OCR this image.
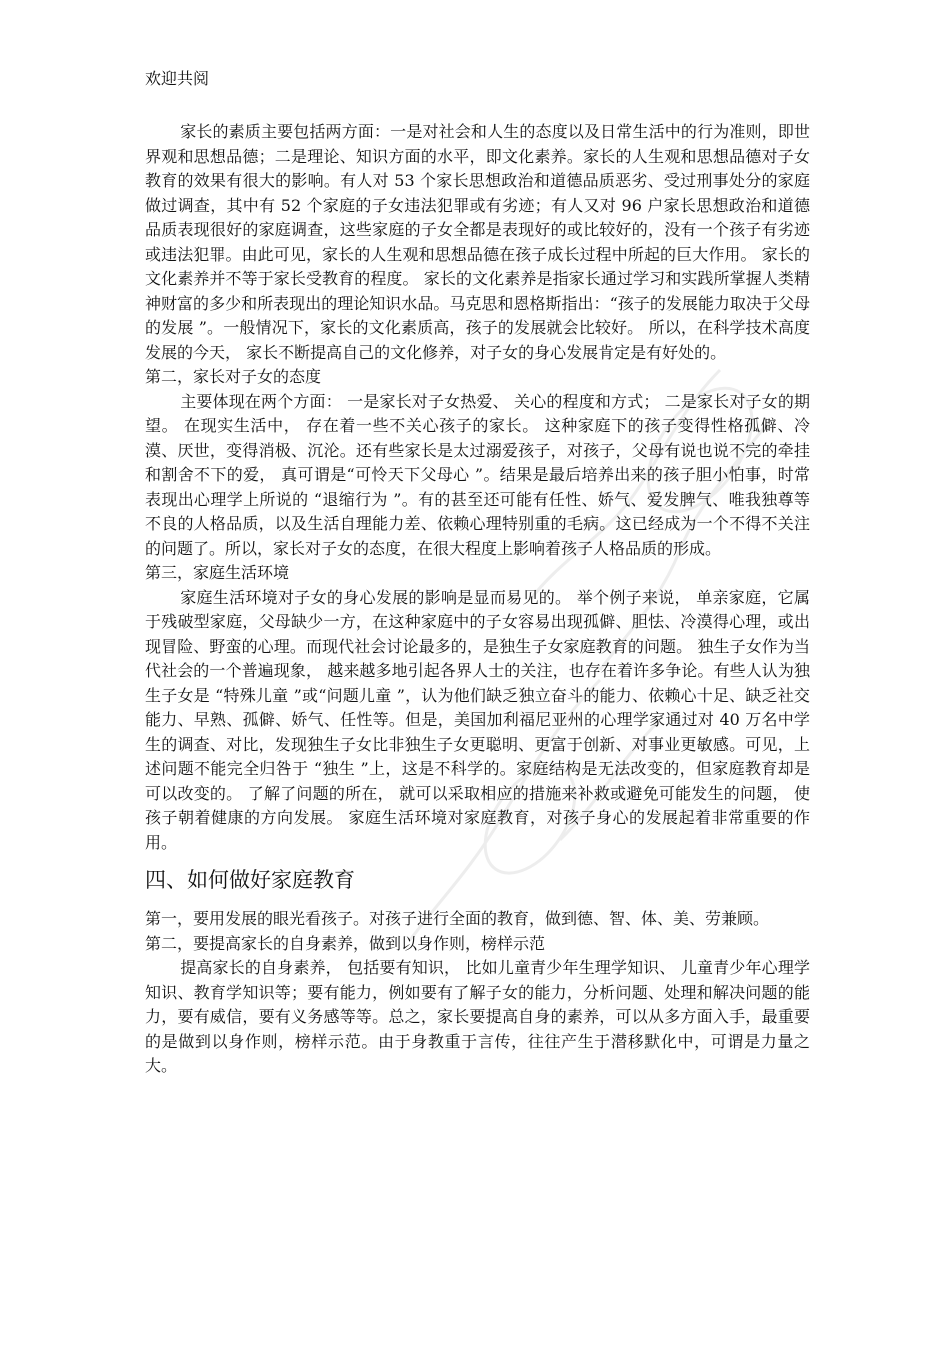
欢迎共阅

家长的素质主要包括两方面：一是对社会和人生的态度以及日常生活中的行为准则，即世界观和思想品德；二是理论、知识方面的水平，即文化素养。家长的人生观和思想品德对子女教育的效果有很大的影响。有人对 53 个家长思想政治和道德品质恶劣、受过刑事处分的家庭做过调查，其中有 52 个家庭的子女违法犯罪或有劣迹；有人又对 96 户家长思想政治和道德品质表现很好的家庭调查，这些家庭的子女全都是表现好的或比较好的，没有一个孩子有劣迹或违法犯罪。由此可见，家长的人生观和思想品德在孩子成长过程中所起的巨大作用。 家长的文化素养并不等于家长受教育的程度。 家长的文化素养是指家长通过学习和实践所掌握人类精神财富的多少和所表现出的理论知识水品。马克思和恩格斯指出：“孩子的发展能力取决于父母的发展 ”。一般情况下，家长的文化素质高，孩子的发展就会比较好。 所以，在科学技术高度发展的今天， 家长不断提高自己的文化修养，对子女的身心发展肯定是有好处的。

第二，家长对子女的态度

主要体现在两个方面： 一是家长对子女热爱、 关心的程度和方式； 二是家长对子女的期望。 在现实生活中， 存在着一些不关心孩子的家长。 这种家庭下的孩子变得性格孤僻、冷漠、厌世，变得消极、沉沦。还有些家长是太过溺爱孩子，对孩子，父母有说也说不完的牵挂和割舍不下的爱， 真可谓是“可怜天下父母心 ”。结果是最后培养出来的孩子胆小怕事，时常表现出心理学上所说的 “退缩行为 ”。有的甚至还可能有任性、娇气、爱发脾气、唯我独尊等不良的人格品质，以及生活自理能力差、依赖心理特别重的毛病。这已经成为一个不得不关注的问题了。所以，家长对子女的态度，在很大程度上影响着孩子人格品质的形成。

第三，家庭生活环境

家庭生活环境对子女的身心发展的影响是显而易见的。 举个例子来说， 单亲家庭，它属于残破型家庭，父母缺少一方，在这种家庭中的子女容易出现孤僻、胆怯、冷漠得心理，或出现冒险、野蛮的心理。而现代社会讨论最多的，是独生子女家庭教育的问题。 独生子女作为当代社会的一个普遍现象， 越来越多地引起各界人士的关注，也存在着许多争论。有些人认为独生子女是 “特殊儿童 ”或“问题儿童 ”，认为他们缺乏独立奋斗的能力、依赖心十足、缺乏社交能力、早熟、孤僻、娇气、任性等。但是，美国加利福尼亚州的心理学家通过对 40 万名中学生的调查、对比，发现独生子女比非独生子女更聪明、更富于创新、对事业更敏感。可见，上述问题不能完全归咎于 “独生 ”上，这是不科学的。家庭结构是无法改变的，但家庭教育却是可以改变的。 了解了问题的所在， 就可以采取相应的措施来补救或避免可能发生的问题， 使孩子朝着健康的方向发展。 家庭生活环境对家庭教育，对孩子身心的发展起着非常重要的作用。

四、如何做好家庭教育

第一，要用发展的眼光看孩子。对孩子进行全面的教育，做到德、智、体、美、劳兼顾。

第二，要提高家长的自身素养，做到以身作则，榜样示范

提高家长的自身素养， 包括要有知识， 比如儿童青少年生理学知识、 儿童青少年心理学知识、教育学知识等；要有能力，例如要有了解子女的能力，分析问题、处理和解决问题的能力，要有威信，要有义务感等等。总之，家长要提高自身的素养，可以从多方面入手，最重要的是做到以身作则，榜样示范。由于身教重于言传，往往产生于潜移默化中，可谓是力量之大。
